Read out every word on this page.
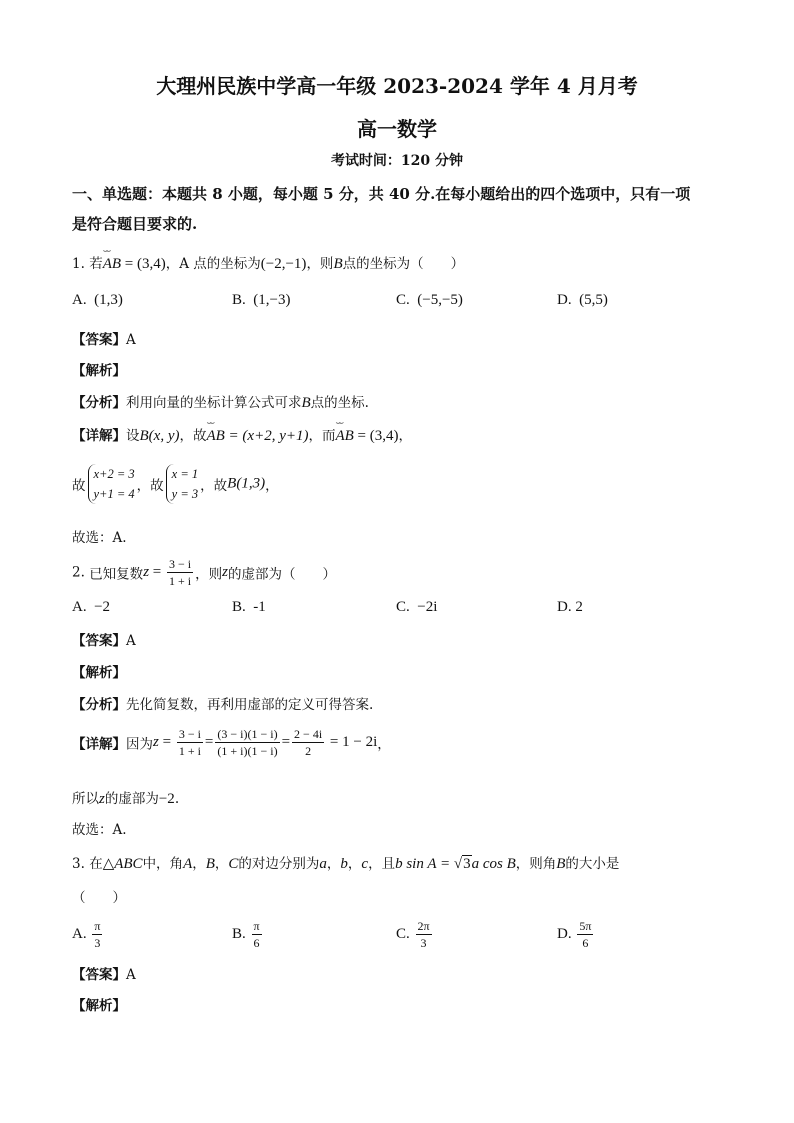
大理州民族中学高一年级 2023-2024 学年 4 月月考
高一数学
考试时间：120 分钟
一、单选题：本题共 8 小题，每小题 5 分，共 40 分.在每小题给出的四个选项中，只有一项
是符合题目要求的.
1. 若⌣⌣ AB = (3,4)，A 点的坐标为(−2,−1)，则B点的坐标为（　　）
A. (1,3)	B. (1,−3)	C. (−5,−5)	D. (5,5)
【答案】A
【解析】
【分析】利用向量的坐标计算公式可求B点的坐标.
【详解】设B(x, y)，故⌣⌣ AB = (x+2, y+1)，而⌣⌣ AB = (3,4)，
故x+2 = 3
y+1 = 4 ，故x = 1
y = 3 ，故B(1,3)，
故选：A.
2. 已知复数$z = \frac{3 - i}{1 + i}$ ，则z的虚部为（　　）
A. −2	B. -1	C. −2i	D. 2
【答案】A
【解析】
【分析】先化简复数，再利用虚部的定义可得答案.
【详解】因为$z = \frac{3 - i}{1 + i} = \frac{(3 - i)(1 - i)}{(1 + i)(1 - i)} = \frac{2 - 4i}{2} = 1 - 2i$，
所以z的虚部为−2.
故选：A.
3. 在△ABC中，角A，B，C的对边分别为a，b，c，且b sin A = √3a cos B，则角B的大小是
（　　）
A. $\frac{\pi}{3}$	B. $\frac{\pi}{6}$	C. $\frac{2\pi}{3}$	D. $\frac{5\pi}{6}$
【答案】A
【解析】
